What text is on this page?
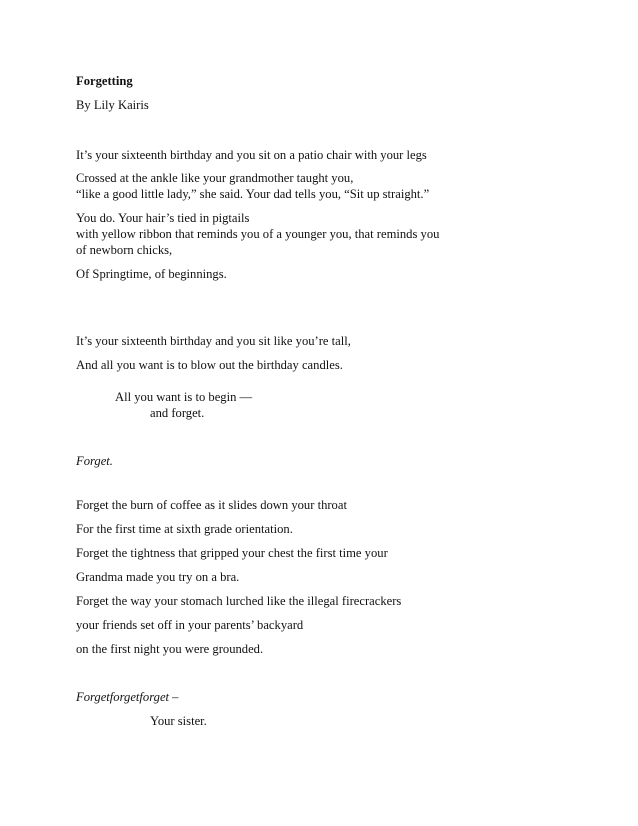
Forgetting
By Lily Kairis
It’s your sixteenth birthday and you sit on a patio chair with your legs
Crossed at the ankle like your grandmother taught you,
“like a good little lady,” she said. Your dad tells you, “Sit up straight.”
You do. Your hair’s tied in pigtails
with yellow ribbon that reminds you of a younger you, that reminds you
of newborn chicks,
Of Springtime, of beginnings.
It’s your sixteenth birthday and you sit like you’re tall,
And all you want is to blow out the birthday candles.
All you want is to begin —
and forget.
Forget.
Forget the burn of coffee as it slides down your throat
For the first time at sixth grade orientation.
Forget the tightness that gripped your chest the first time your
Grandma made you try on a bra.
Forget the way your stomach lurched like the illegal firecrackers
your friends set off in your parents’ backyard
on the first night you were grounded.
Forgetforgetforget –
Your sister.
